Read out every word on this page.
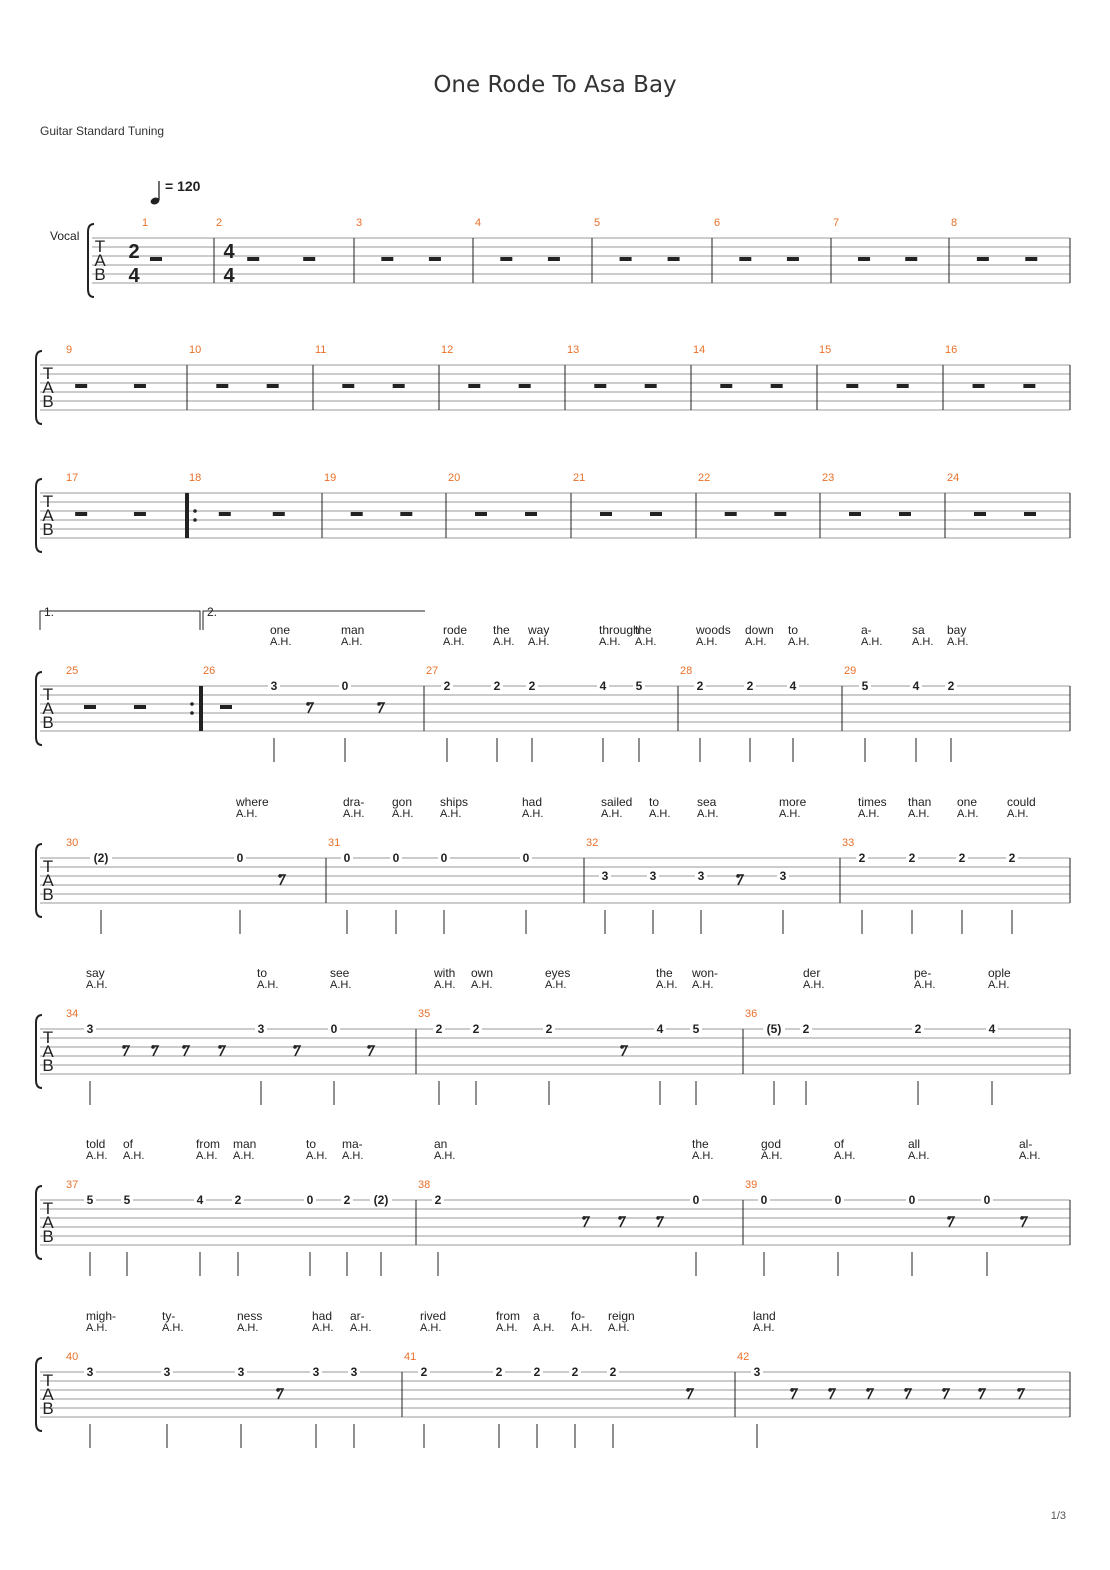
One Rode To Asa Bay
Guitar Standard Tuning
= 120
Vocal
T
A
B
1	2	3	4	5	6	7	8
T
A
B
9	10	11	12	13	14	15	16
T
A
B
17	18	19	20	21	22	23	24
T
A
B
25	26	27	28	29
T
A
B
30	31	32	33
T
A
B
34	35	36
T
A
B
37	38	39
T
A
B
40	41	42
2
4
4
4
1.	2.
one
A.H.
man
A.H.
rode
A.H.
the
A.H.
way
A.H.
through
A.H.
the
A.H.
woods
A.H.
down
A.H.
to
A.H.
a-
A.H.
sa
A.H.
bay
A.H.
3	0	2	2 2	4 5	2	2	4	5	4 2
where
A.H.
dra-
A.H.
gon
A.H.
ships
A.H.
had
A.H.
sailed
A.H.
to
A.H.
sea
A.H.
more
A.H.
times
A.H.
than
A.H.
one
A.H.
could
A.H.
(2)	0	0	0	0	0
3	3	3	3
2	2	2	2
say
A.H.
to
A.H.
see
A.H.
with
A.H.
own
A.H.
eyes
A.H.
the
A.H.
won-
A.H.
der
A.H.
pe-
A.H.
ople
A.H.
3	3	0	2	2	2	4 5	(5) 2	2	4
told
A.H.
of
A.H.
from
A.H.
man
A.H.
to
A.H.
ma-
A.H.
an
A.H.
the
A.H.
god
A.H.
of
A.H.
all
A.H.
al-
A.H.
5	5	4	2	0	2 (2)	2	0	0	0	0	0
migh-
A.H.
ty-
A.H.
ness
A.H.
had
A.H.
ar-
A.H.
rived
A.H.
from
A.H.
a
A.H.
fo-
A.H.
reign
A.H.
land
A.H.
3	3	3	3	3	2	2	2	2	2	3
1/3
